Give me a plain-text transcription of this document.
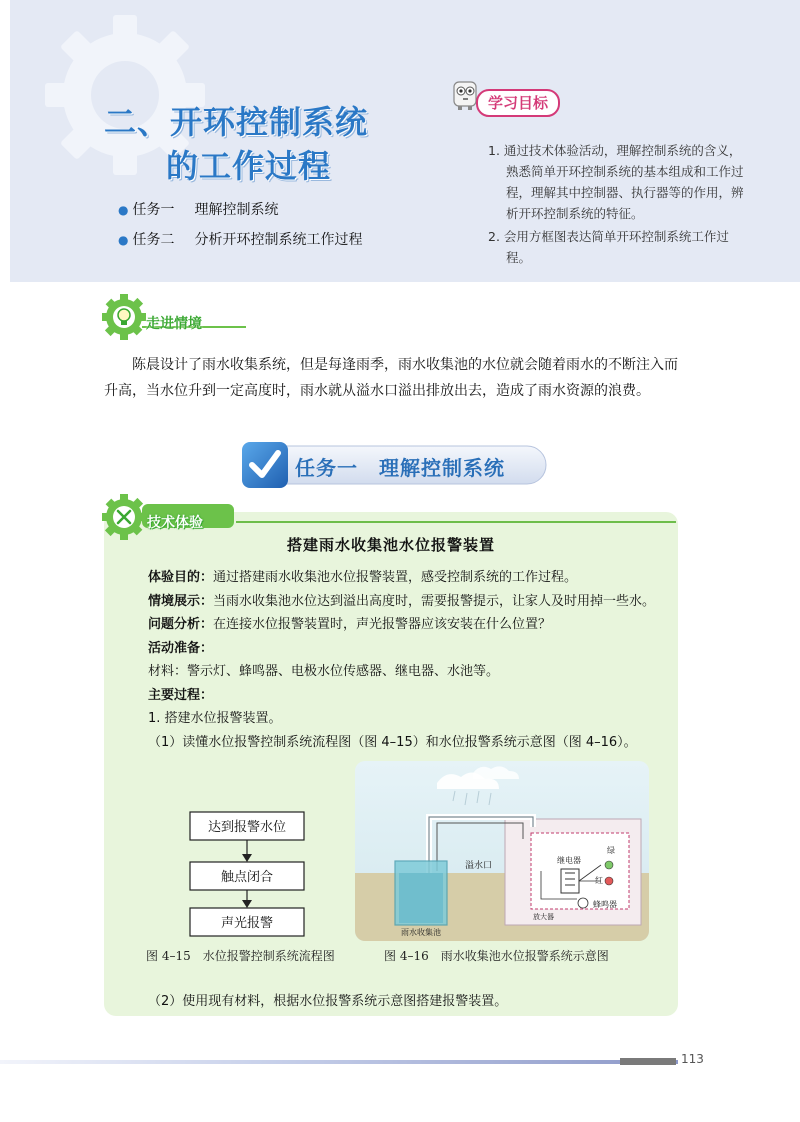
二、开环控制系统
的工作过程
● 任务一 理解控制系统
● 任务二 分析开环控制系统工作过程
学习目标
1. 通过技术体验活动，理解控制系统的含义，熟悉简单开环控制系统的基本组成和工作过程，理解其中控制器、执行器等的作用，辨析开环控制系统的特征。
2. 会用方框图表达简单开环控制系统工作过程。
走进情境

陈晨设计了雨水收集系统，但是每逢雨季，雨水收集池的水位就会随着雨水的不断注入而升高，当水位升到一定高度时，雨水就从溢水口溢出排放出去，造成了雨水资源的浪费。

任务一　理解控制系统
技术体验
搭建雨水收集池水位报警装置
体验目的：通过搭建雨水收集池水位报警装置，感受控制系统的工作过程。
情境展示：当雨水收集池水位达到溢出高度时，需要报警提示，让家人及时用掉一些水。
问题分析：在连接水位报警装置时，声光报警器应该安装在什么位置？
活动准备：
材料：警示灯、蜂鸣器、电极水位传感器、继电器、水池等。
主要过程：
1. 搭建水位报警装置。
（1）读懂水位报警控制系统流程图（图 4–15）和水位报警系统示意图（图 4–16）。
达到报警水位
触点闭合
声光报警
图 4–15　水位报警控制系统流程图
雨水收集池
溢水口
继电器
绿
红
蜂鸣器
放大器
图 4–16　雨水收集池水位报警系统示意图
（2）使用现有材料，根据水位报警系统示意图搭建报警装置。
113
